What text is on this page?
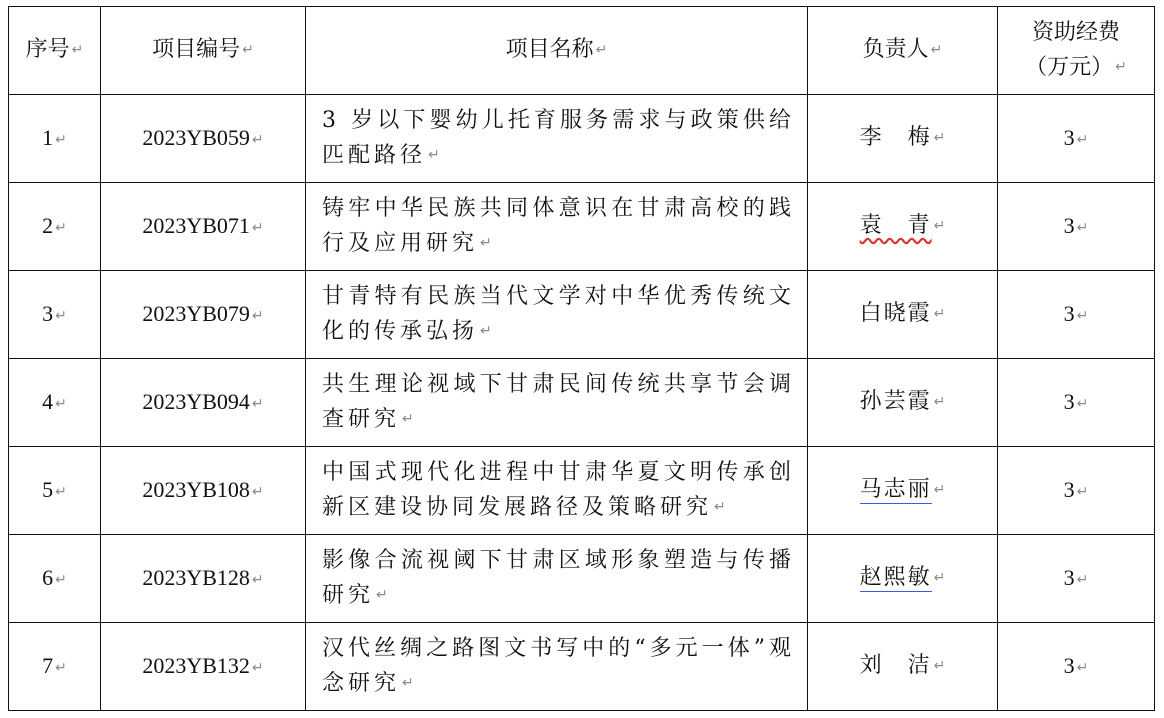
序号 ↵	项目编号 ↵	项目名称 ↵	负责人 ↵	资助经费
（万元） ↵

1 ↵	2023YB059 ↵	3 岁以下婴幼儿托育服务需求与政策供给匹配路径 ↵	李　梅 ↵	3 ↵
2 ↵	2023YB071 ↵	铸牢中华民族共同体意识在甘肃高校的践行及应用研究 ↵	袁　青 ↵	3 ↵
3 ↵	2023YB079 ↵	甘青特有民族当代文学对中华优秀传统文化的传承弘扬 ↵	白晓霞 ↵	3 ↵
4 ↵	2023YB094 ↵	共生理论视域下甘肃民间传统共享节会调查研究 ↵	孙芸霞 ↵	3 ↵
5 ↵	2023YB108 ↵	中国式现代化进程中甘肃华夏文明传承创新区建设协同发展路径及策略研究 ↵	马志丽 ↵	3 ↵
6 ↵	2023YB128 ↵	影像合流视阈下甘肃区域形象塑造与传播研究 ↵	赵熙敏 ↵	3 ↵
7 ↵	2023YB132 ↵	汉代丝绸之路图文书写中的“多元一体”观念研究 ↵	刘　洁 ↵	3 ↵
